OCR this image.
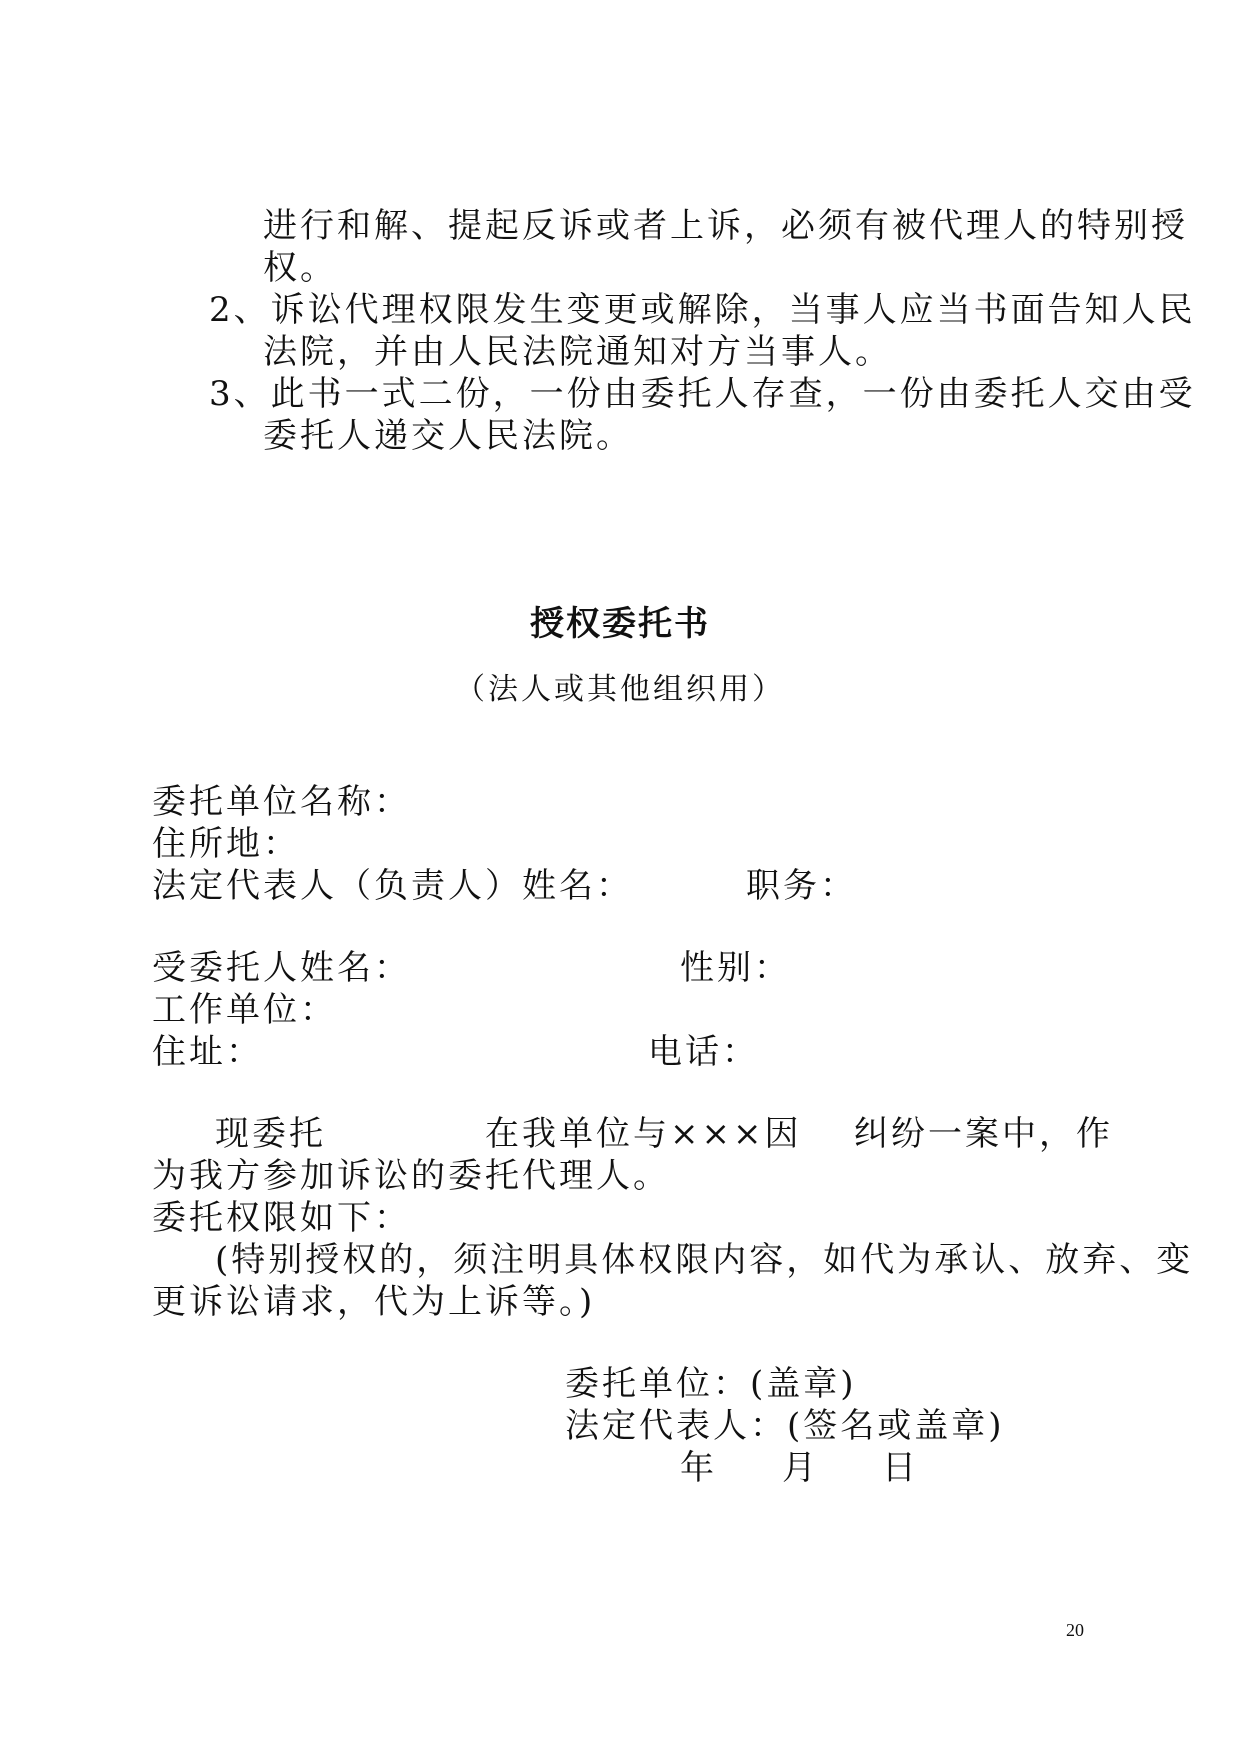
进行和解、提起反诉或者上诉，必须有被代理人的特别授
权。
2、诉讼代理权限发生变更或解除，当事人应当书面告知人民
法院，并由人民法院通知对方当事人。
3、此书一式二份，一份由委托人存查，一份由委托人交由受
委托人递交人民法院。
授权委托书
（法人或其他组织用）
委托单位名称：
住所地：
法定代表人（负责人）姓名：	职务：
受委托人姓名：	性别：
工作单位：
住址：	电话：
现委托	在我单位与×××因 纠纷一案中，作
为我方参加诉讼的委托代理人。
委托权限如下：
(特别授权的，须注明具体权限内容，如代为承认、放弃、变
更诉讼请求，代为上诉等。)
委托单位：(盖章)
法定代表人：(签名或盖章)
年 月 日
20
